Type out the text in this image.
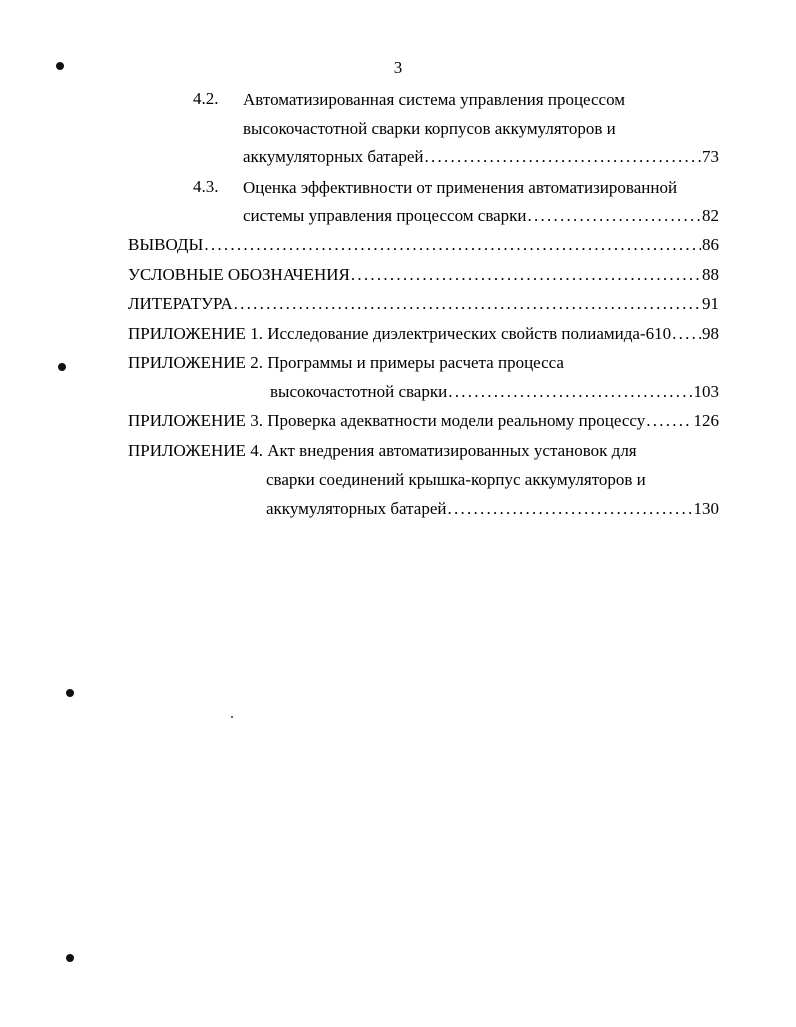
3
4.2. Автоматизированная система управления процессом
высокочастотной сварки корпусов аккумуляторов и
аккумуляторных батарей . . .	73
4.3. Оценка эффективности от применения автоматизированной
системы управления процессом сварки . . .	82
ВЫВОДЫ . . .	86
УСЛОВНЫЕ ОБОЗНАЧЕНИЯ . . .	88
ЛИТЕРАТУРА . . .	91
ПРИЛОЖЕНИЕ 1. Исследование диэлектрических свойств полиамида-610 . . . 98
ПРИЛОЖЕНИЕ 2. Программы и примеры расчета процесса
высокочастотной сварки . . .	103
ПРИЛОЖЕНИЕ 3. Проверка адекватности модели реальному процессу . . .	126
ПРИЛОЖЕНИЕ 4. Акт внедрения автоматизированных установок для
сварки соединений крышка-корпус аккумуляторов и
аккумуляторных батарей . . .	130
